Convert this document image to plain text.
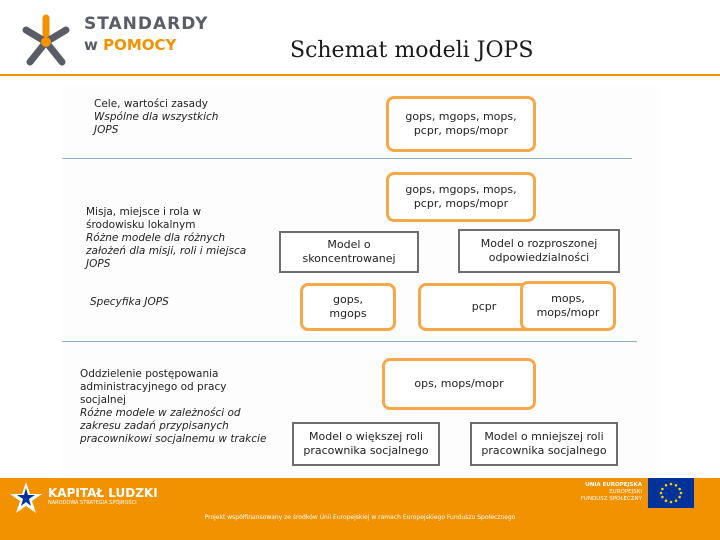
STANDARDY
w POMOCY	Schemat modeli JOPS
Cele, wartości zasady
Wspólne dla wszystkich
JOPS
Misja, miejsce i rola w
środowisku lokalnym
Różne modele dla różnych
założeń dla misji, roli i miejsca
JOPS
Specyfika JOPS
Oddzielenie postępowania
administracyjnego od pracy
socjalnej
Różne modele w zależności od
zakresu zadań przypisanych
pracownikowi socjalnemu w trakcie
gops, mgops, mops,
pcpr, mops/mopr
gops, mgops, mops,
pcpr, mops/mopr
Model o
skoncentrowanej
Model o rozproszonej
odpowiedzialności
gops,
mgops
pcpr
mops,
mops/mopr
ops, mops/mopr
Model o większej roli
pracownika socjalnego
Model o mniejszej roli
pracownika socjalnego
KAPITAŁ LUDZKI
NARODOWA STRATEGIA SPÓJNOŚCI
UNIA EUROPEJSKA
EUROPEJSKI
FUNDUSZ SPOŁECZNY
Projekt współfinansowany ze środków Unii Europejskiej w ramach Europejskiego Funduszu Społecznego
